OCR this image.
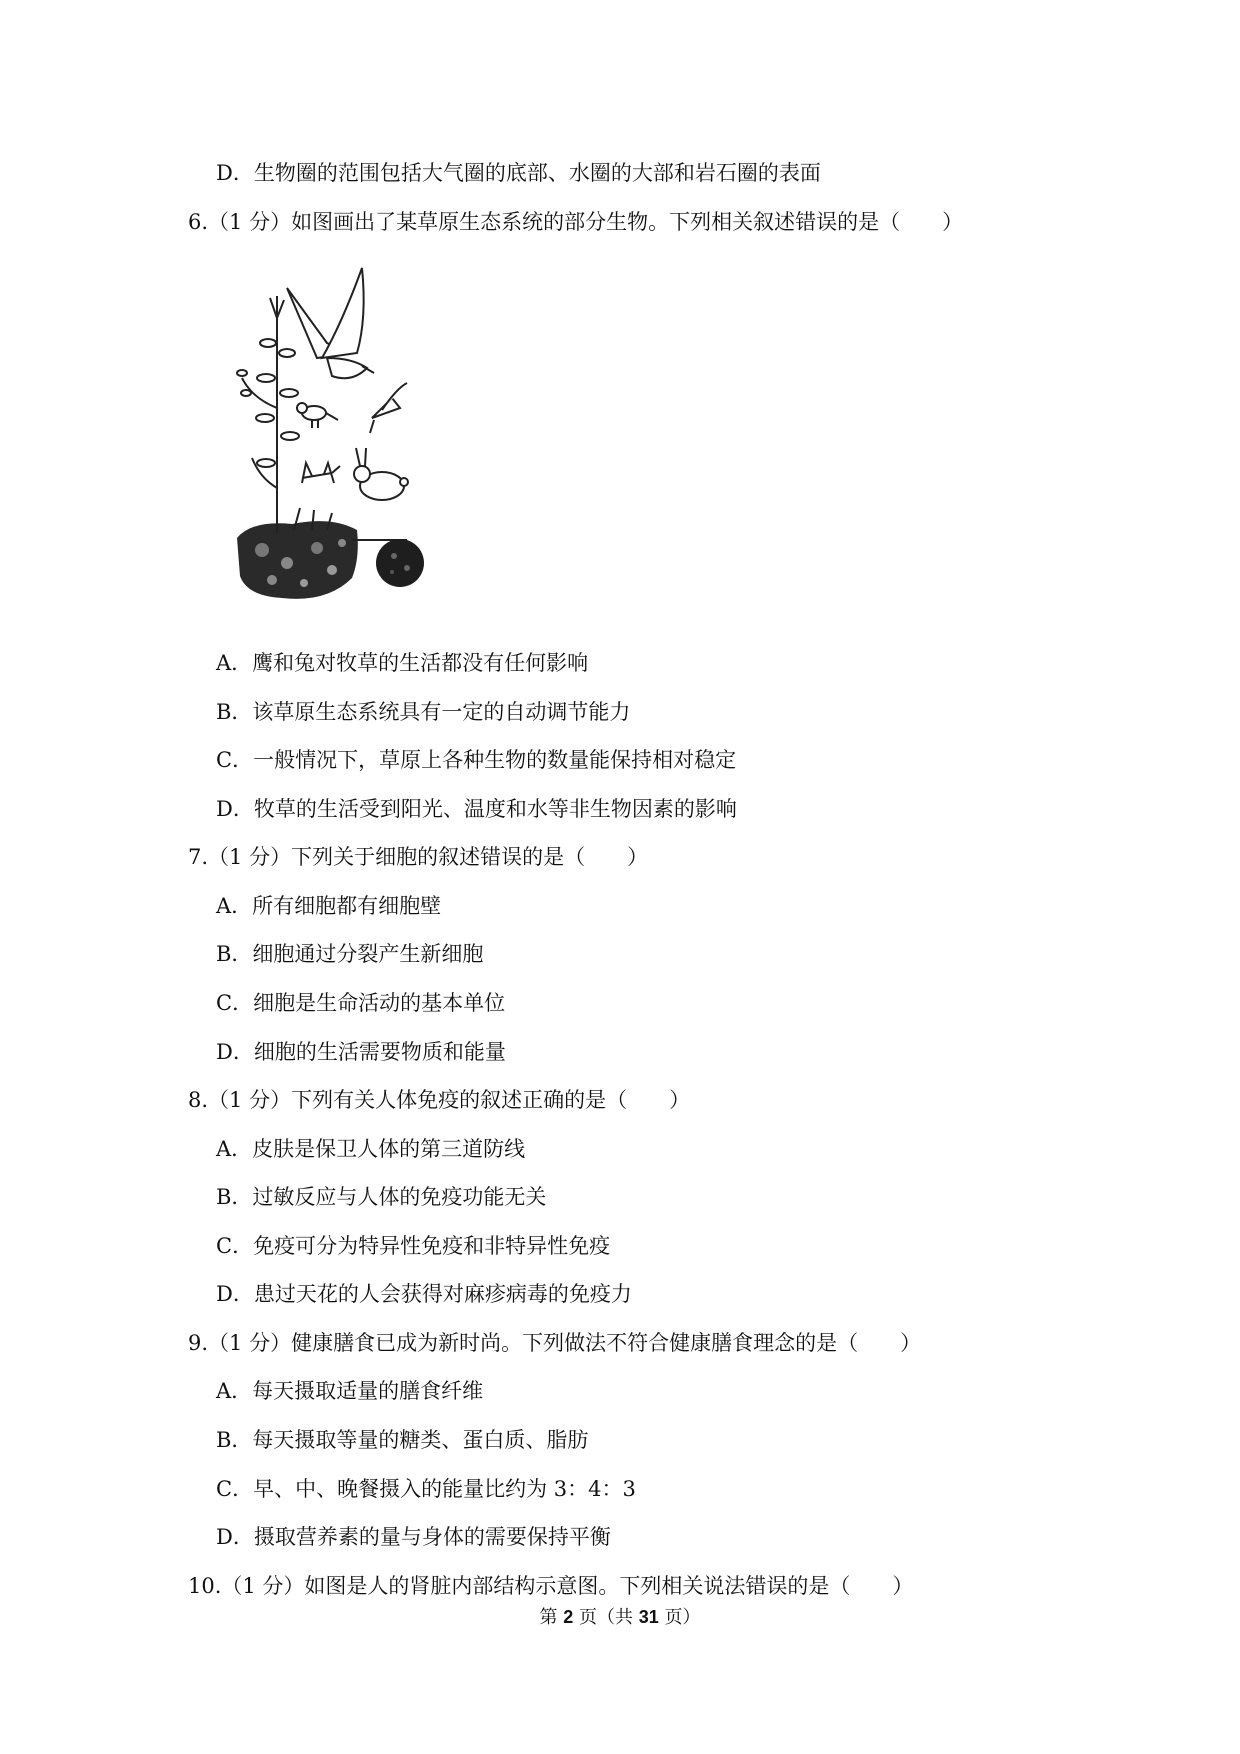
D．生物圈的范围包括大气圈的底部、水圈的大部和岩石圈的表面
6.（1 分）如图画出了某草原生态系统的部分生物。下列相关叙述错误的是（　　）
A．鹰和兔对牧草的生活都没有任何影响
B．该草原生态系统具有一定的自动调节能力
C．一般情况下，草原上各种生物的数量能保持相对稳定
D．牧草的生活受到阳光、温度和水等非生物因素的影响
7.（1 分）下列关于细胞的叙述错误的是（　　）
A．所有细胞都有细胞壁
B．细胞通过分裂产生新细胞
C．细胞是生命活动的基本单位
D．细胞的生活需要物质和能量
8.（1 分）下列有关人体免疫的叙述正确的是（　　）
A．皮肤是保卫人体的第三道防线
B．过敏反应与人体的免疫功能无关
C．免疫可分为特异性免疫和非特异性免疫
D．患过天花的人会获得对麻疹病毒的免疫力
9.（1 分）健康膳食已成为新时尚。下列做法不符合健康膳食理念的是（　　）
A．每天摄取适量的膳食纤维
B．每天摄取等量的糖类、蛋白质、脂肪
C．早、中、晚餐摄入的能量比约为 3：4：3
D．摄取营养素的量与身体的需要保持平衡
10.（1 分）如图是人的肾脏内部结构示意图。下列相关说法错误的是（　　）
第 2 页（共 31 页）
